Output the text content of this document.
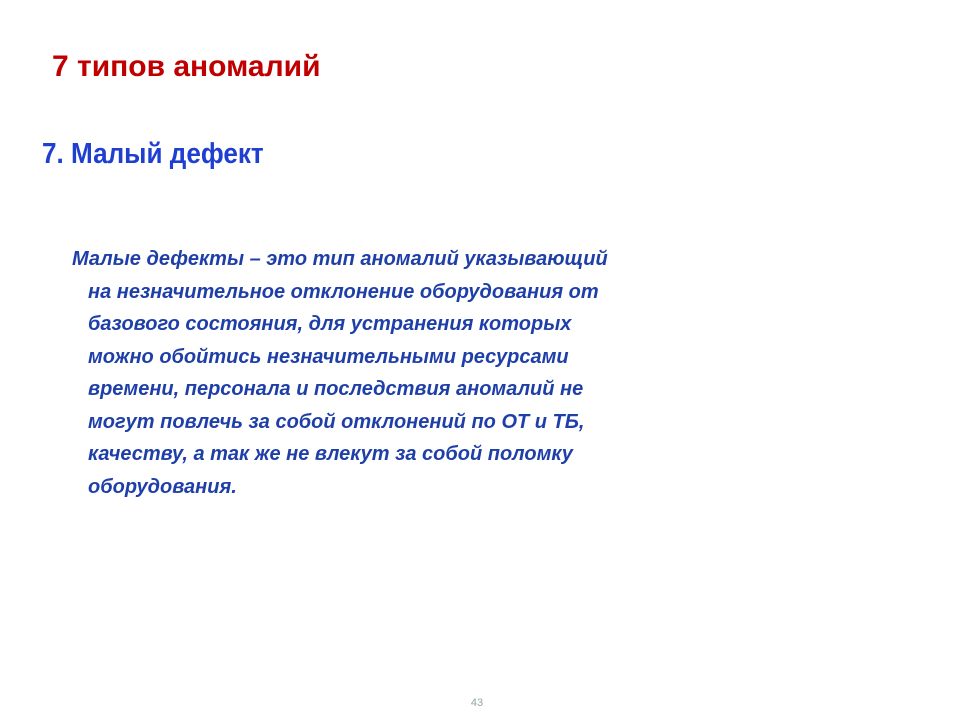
7 типов аномалий
7. Малый дефект

Малые дефекты – это тип аномалий указывающий
на незначительное отклонение оборудования от
базового состояния, для устранения которых
можно обойтись незначительными ресурсами
времени, персонала и последствия аномалий не
могут повлечь за собой отклонений по ОТ и ТБ,
качеству, а так же не влекут за собой поломку
оборудования.

43
